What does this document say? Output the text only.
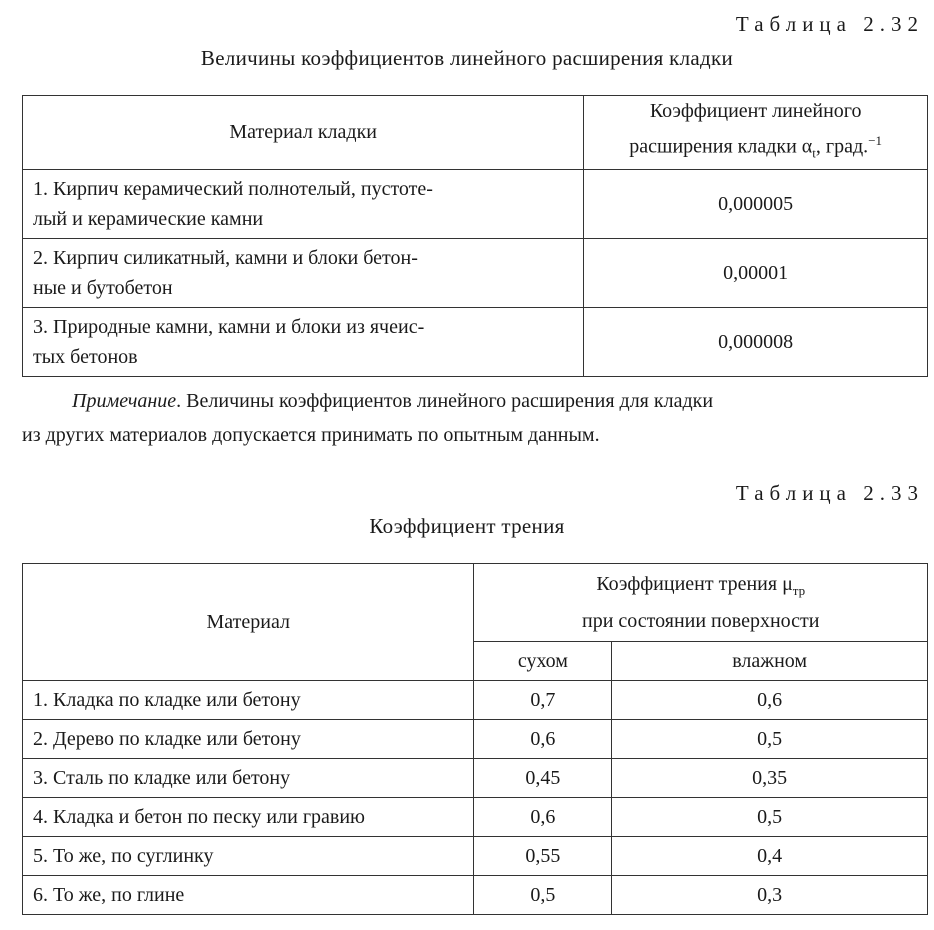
Таблица 2.32
Величины коэффициентов линейного расширения кладки
Материал кладки	Коэффициент линейного
расширения кладки $\alpha_t$, град.$^{-1}$
1. Кирпич керамический полнотелый, пустоте-
лый и керамические камни	0,000005
2. Кирпич силикатный, камни и блоки бетон-
ные и бутобетон	0,00001
3. Природные камни, камни и блоки из ячеис-
тых бетонов	0,000008
Примечание. Величины коэффициентов линейного расширения для кладки
из других материалов допускается принимать по опытным данным.
Таблица 2.33
Коэффициент трения
Материал	Коэффициент трения $\mu_{тр}$
при состоянии поверхности	
	сухом	влажном
1. Кладка по кладке или бетону	0,7	0,6
2. Дерево по кладке или бетону	0,6	0,5
3. Сталь по кладке или бетону	0,45	0,35
4. Кладка и бетон по песку или гравию	0,6	0,5
5. То же, по суглинку	0,55	0,4
6. То же, по глине	0,5	0,3
